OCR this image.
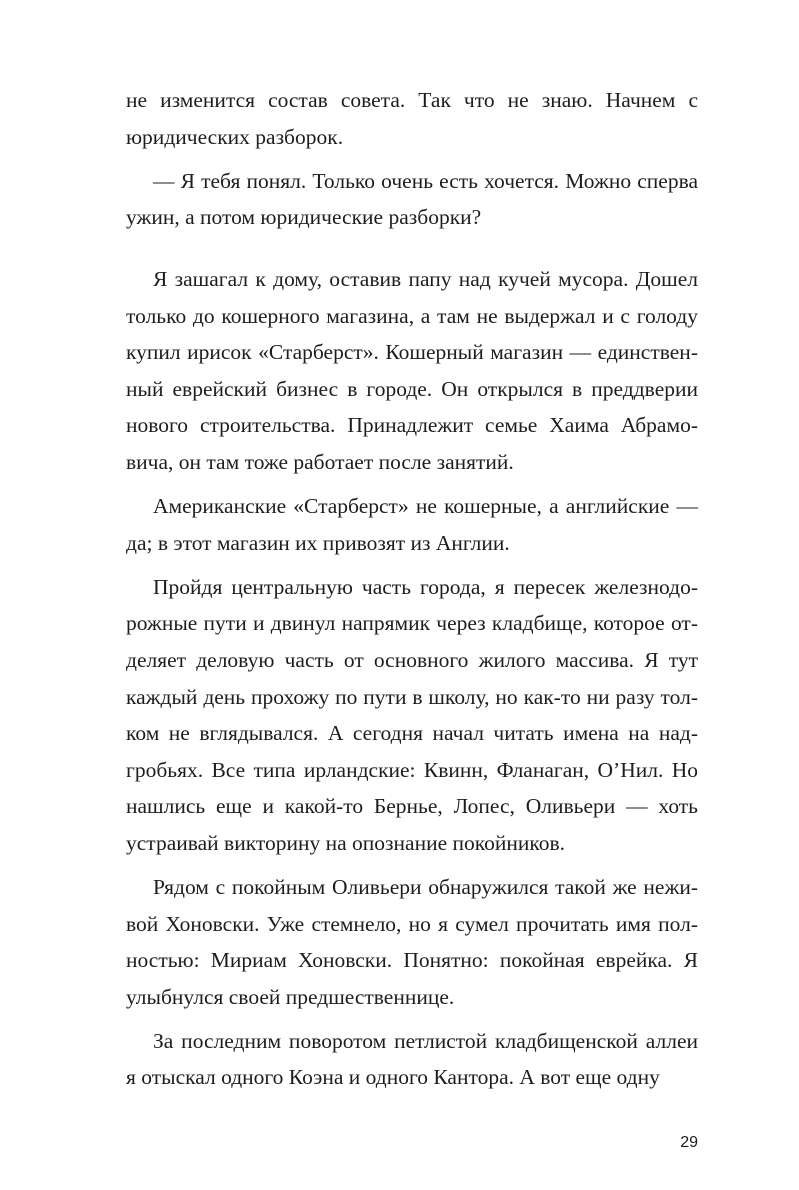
не изменится состав совета. Так что не знаю. Начнем с юридических разборок.

— Я тебя понял. Только очень есть хочется. Можно сперва ужин, а потом юридические разборки?

Я зашагал к дому, оставив папу над кучей мусора. Дошел только до кошерного магазина, а там не выдержал и с голоду купил ирисок «Старберст». Кошерный магазин — единственный еврейский бизнес в городе. Он открылся в преддверии нового строительства. Принадлежит семье Хаима Абрамовича, он там тоже работает после занятий.

Американские «Старберст» не кошерные, а английские — да; в этот магазин их привозят из Англии.

Пройдя центральную часть города, я пересек железнодорожные пути и двинул напрямик через кладбище, которое отделяет деловую часть от основного жилого массива. Я тут каждый день прохожу по пути в школу, но как-то ни разу толком не вглядывался. А сегодня начал читать имена на надгробьях. Все типа ирландские: Квинн, Фланаган, О’Нил. Но нашлись еще и какой-то Бернье, Лопес, Оливьери — хоть устраивай викторину на опознание покойников.

Рядом с покойным Оливьери обнаружился такой же неживой Хоновски. Уже стемнело, но я сумел прочитать имя полностью: Мириам Хоновски. Понятно: покойная еврейка. Я улыбнулся своей предшественнице.

За последним поворотом петлистой кладбищенской аллеи я отыскал одного Коэна и одного Кантора. А вот еще одну

29
